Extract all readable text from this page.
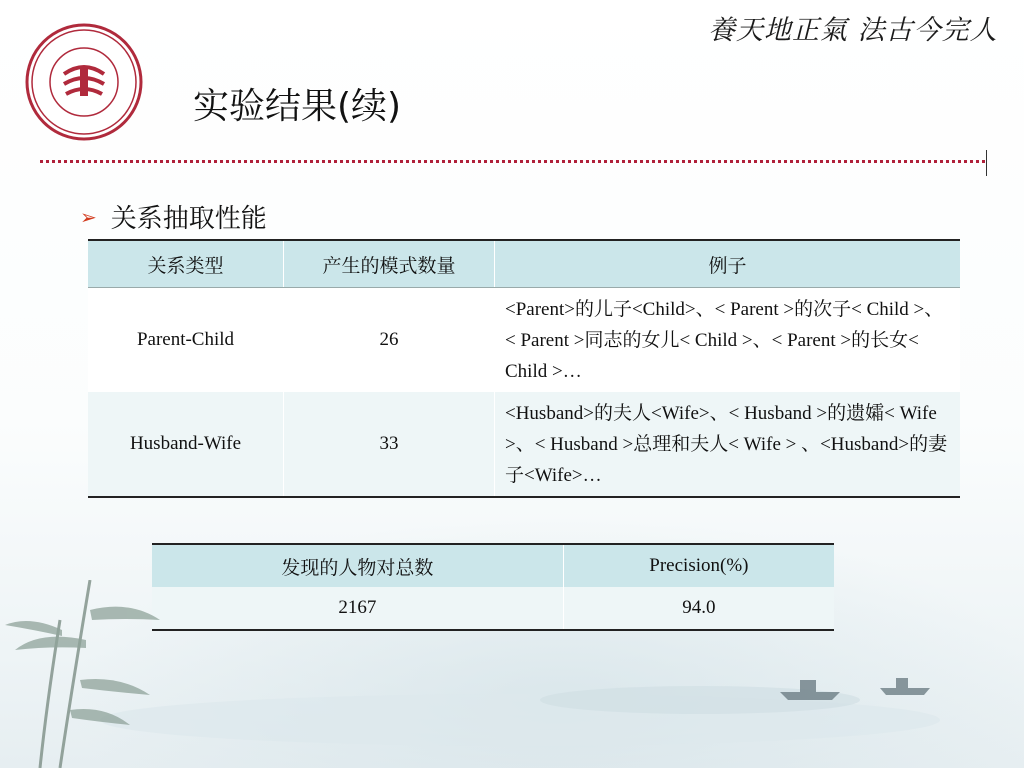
養天地正氣 法古今完人
实验结果(续)
➢ 关系抽取性能
关系类型	产生的模式数量	例子
Parent-Child	26	<Parent>的儿子<Child>、< Parent >的次子< Child >、< Parent >同志的女儿< Child >、< Parent >的长女< Child >…
Husband-Wife	33	<Husband>的夫人<Wife>、< Husband >的遗孀< Wife >、< Husband >总理和夫人< Wife > 、<Husband>的妻子<Wife>…
发现的人物对总数	Precision(%)
2167	94.0
